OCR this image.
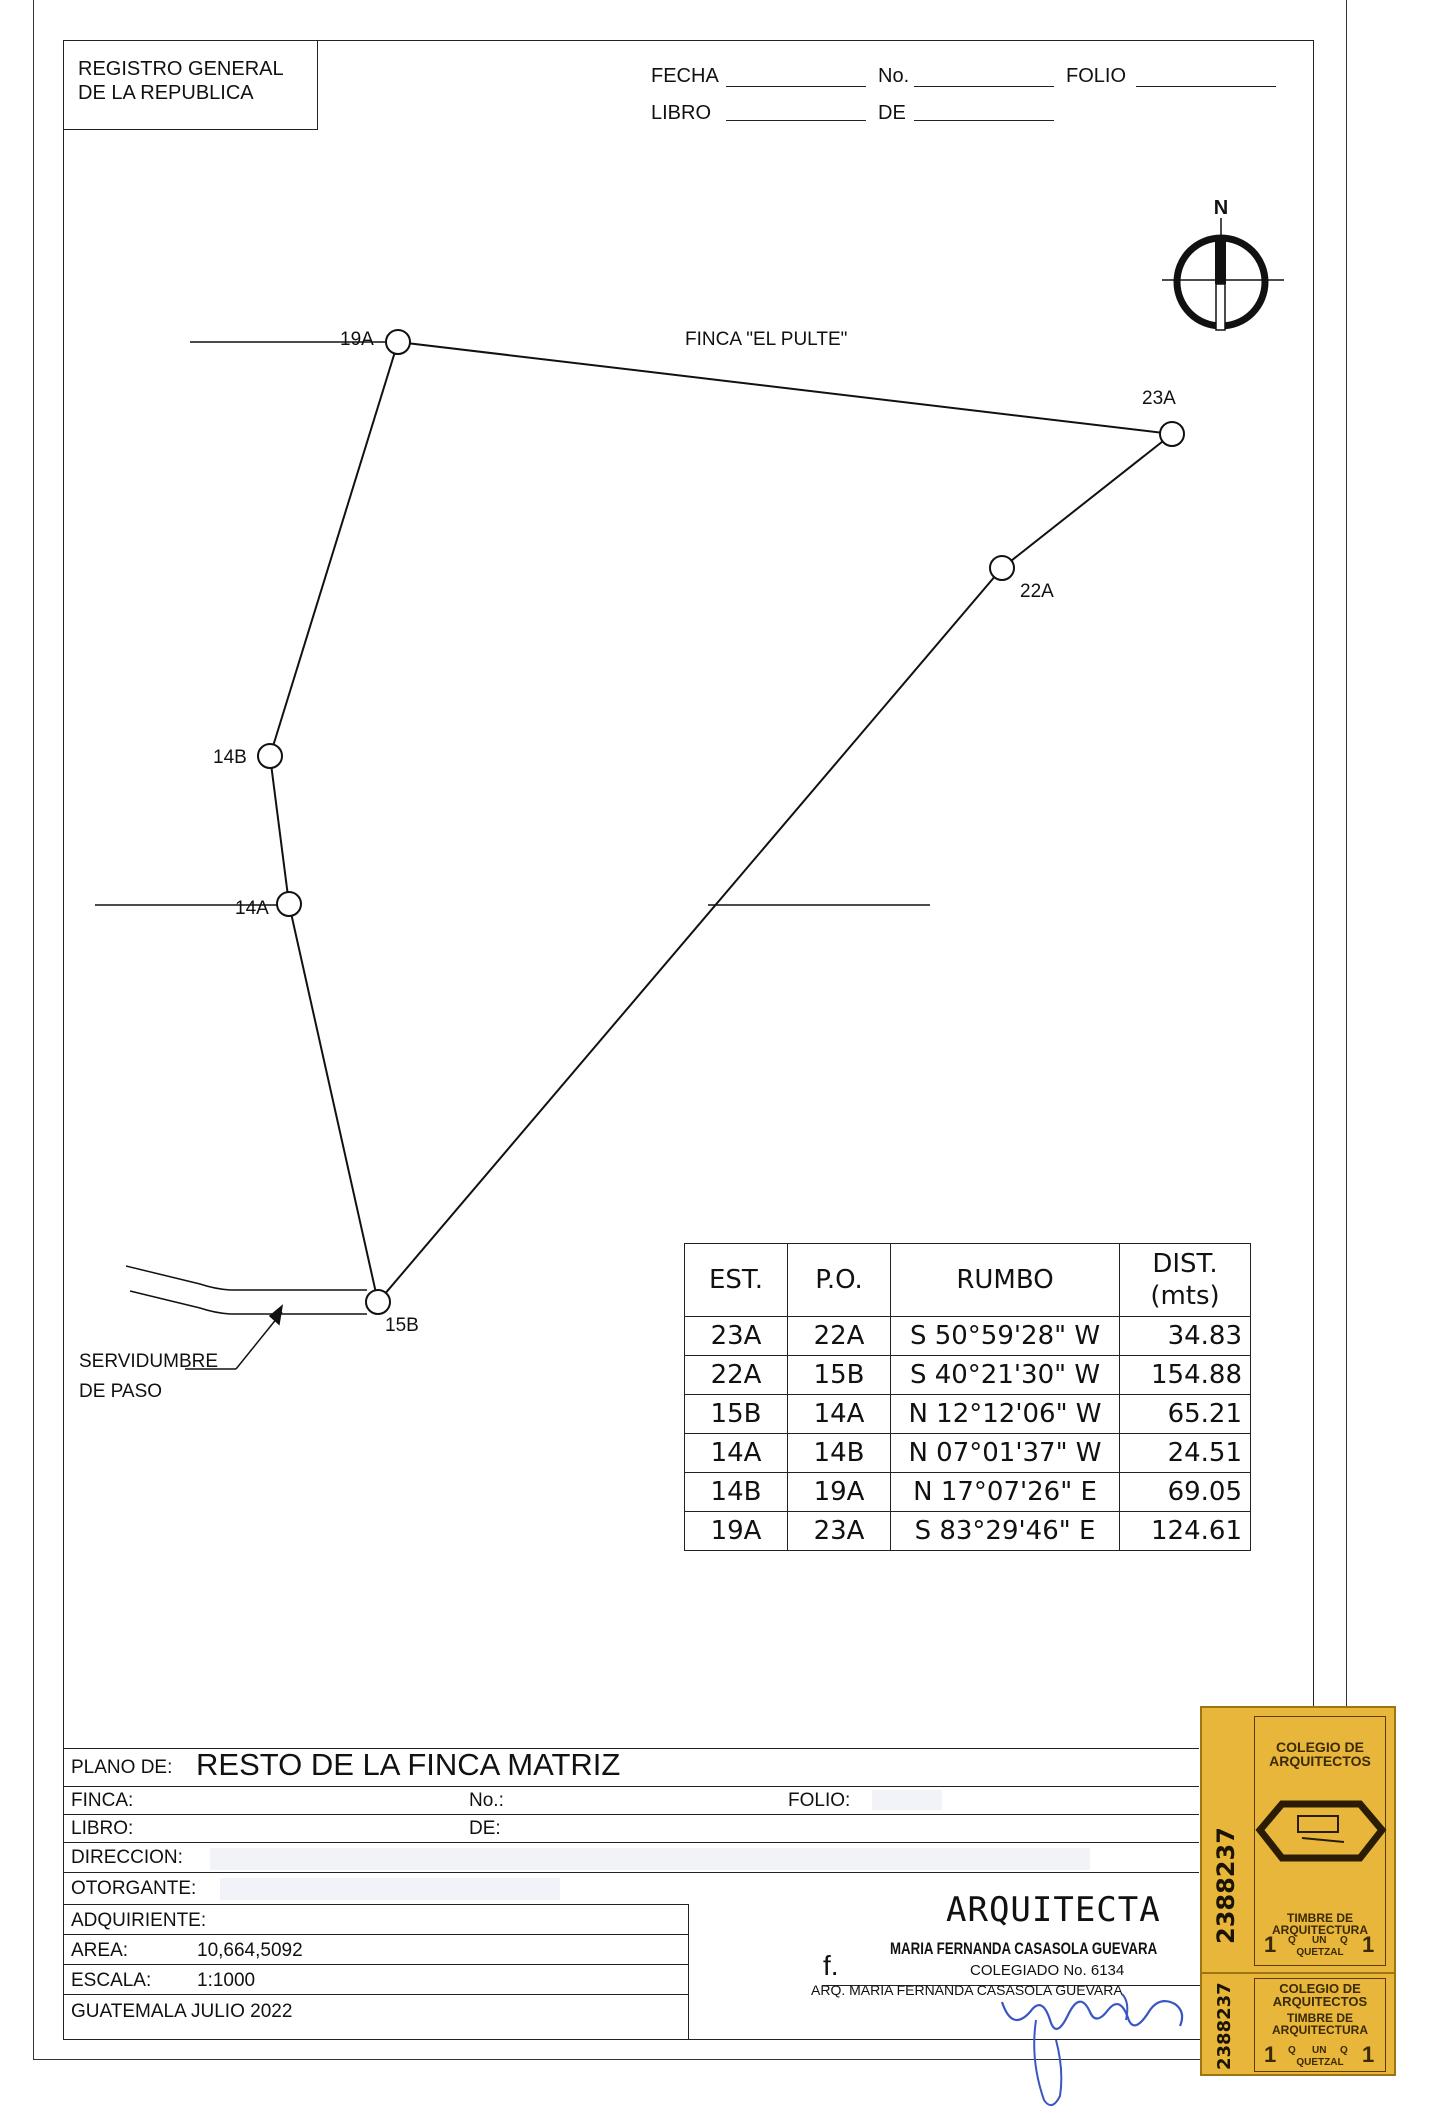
REGISTRO GENERAL
DE LA REPUBLICA
FECHA	No.	FOLIO
LIBRO	DE
N
19A
23A
22A
14B
14A
15B
FINCA "EL PULTE"
SERVIDUMBRE
DE PASO
EST.	P.O.	RUMBO	DIST.
(mts)

23A	22A	S 50°59'28" W	34.83
22A	15B	S 40°21'30" W	154.88
15B	14A	N 12°12'06" W	65.21
14A	14B	N 07°01'37" W	24.51
14B	19A	N 17°07'26" E	69.05
19A	23A	S 83°29'46" E	124.61
PLANO DE: RESTO DE LA FINCA MATRIZ
FINCA:	No.:	FOLIO:
LIBRO:	DE:
DIRECCION:
OTORGANTE:
ADQUIRIENTE:
AREA:	10,664,5092
ESCALA: 1:1000
GUATEMALA JULIO 2022
ARQUITECTA
MARIA FERNANDA CASASOLA GUEVARA
COLEGIADO No. 6134
f.
ARQ. MARIA FERNANDA CASASOLA GUEVARA
COLEGIO DE
ARQUITECTOS
TIMBRE DE
ARQUITECTURA
1	1
Q UN Q
QUETZAL
2388237
COLEGIO DE
ARQUITECTOS
TIMBRE DE
ARQUITECTURA
1	1
Q UN Q
QUETZAL
2388237
